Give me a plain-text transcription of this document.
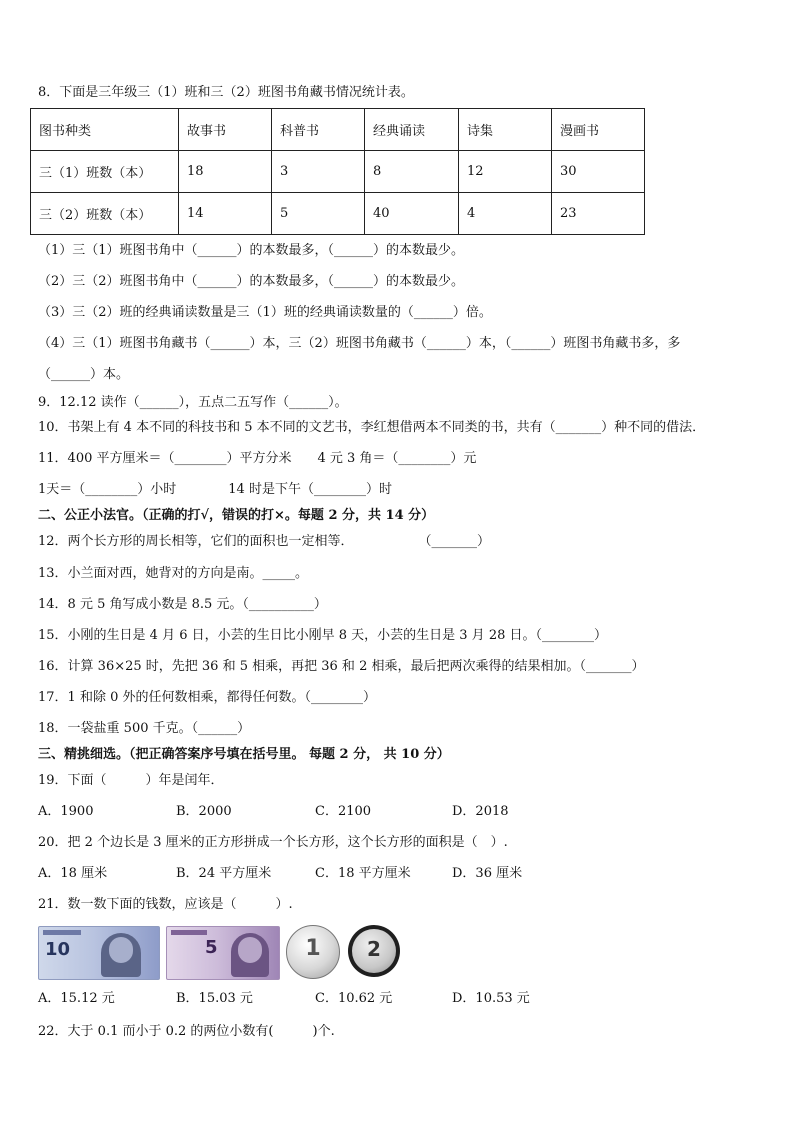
8．下面是三年级三（1）班和三（2）班图书角藏书情况统计表。
图书种类	故事书	科普书	经典诵读	诗集	漫画书
三（1）班数（本）	18	3	8	12	30
三（2）班数（本）	14	5	40	4	23
（1）三（1）班图书角中（______）的本数最多，（______）的本数最少。
（2）三（2）班图书角中（______）的本数最多，（______）的本数最少。
（3）三（2）班的经典诵读数量是三（1）班的经典诵读数量的（______）倍。
（4）三（1）班图书角藏书（______）本，三（2）班图书角藏书（______）本，（______）班图书角藏书多，多
（______）本。
9．12.12 读作（______），五点二五写作（______）。
10．书架上有 4 本不同的科技书和 5 本不同的文艺书，李红想借两本不同类的书，共有（_______）种不同的借法．
11．400 平方厘米＝（________）平方分米　　4 元 3 角＝（________）元
1天＝（________）小时　　　　14 时是下午（________）时
二、公正小法官。（正确的打√，错误的打×。每题 2 分，共 14 分）
12．两个长方形的周长相等，它们的面积也一定相等．　　　　　　（_______）
13．小兰面对西，她背对的方向是南。_____。
14．8 元 5 角写成小数是 8.5 元。（__________）
15．小刚的生日是 4 月 6 日，小芸的生日比小刚早 8 天，小芸的生日是 3 月 28 日。（________）
16．计算 36×25 时，先把 36 和 5 相乘，再把 36 和 2 相乘，最后把两次乘得的结果相加。（_______）
17．1 和除 0 外的任何数相乘，都得任何数。（________）
18．一袋盐重 500 千克。（______）
三、精挑细选。（把正确答案序号填在括号里。 每题 2 分， 共 10 分）
19．下面（　　　）年是闰年．
A．1900	B．2000	C．2100	D．2018
20．把 2 个边长是 3 厘米的正方形拼成一个长方形，这个长方形的面积是（　）.
A．18 厘米	B．24 平方厘米	C．18 平方厘米	D．36 厘米
21．数一数下面的钱数，应该是（　　　）.
10	5	1	2
A．15.12 元	B．15.03 元	C．10.62 元	D．10.53 元
22．大于 0.1 而小于 0.2 的两位小数有(　　　)个.
